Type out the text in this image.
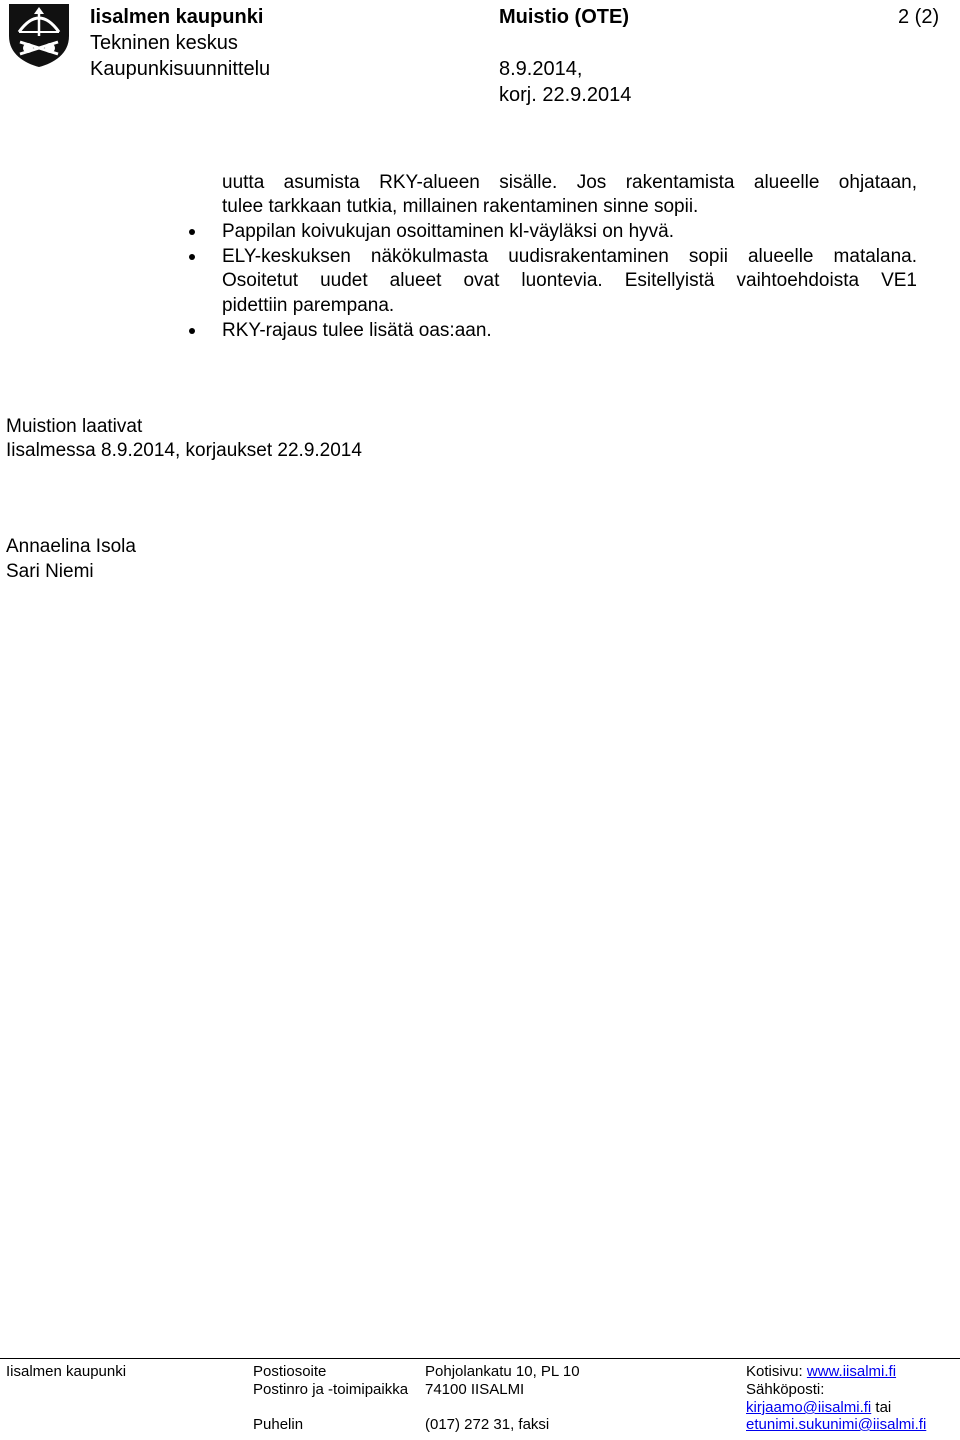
Iisalmen kaupunki
Tekninen keskus
Kaupunkisuunnittelu
Muistio (OTE)
8.9.2014,
korj. 22.9.2014
2 (2)
uutta asumista RKY-alueen sisälle. Jos rakentamista alueelle ohjataan,
tulee tarkkaan tutkia, millainen rakentaminen sinne sopii.
Pappilan koivukujan osoittaminen kl-väyläksi on hyvä.
ELY-keskuksen näkökulmasta uudisrakentaminen sopii alueelle matalana.
Osoitetut uudet alueet ovat luontevia. Esitellyistä vaihtoehdoista VE1
pidettiin parempana.
RKY-rajaus tulee lisätä oas:aan.
Muistion laativat
Iisalmessa 8.9.2014, korjaukset 22.9.2014
Annaelina Isola
Sari Niemi
Iisalmen kaupunki	Postiosoite
Postinro ja -toimipaikka
Puhelin
Pohjolankatu 10, PL 10
74100 IISALMI
(017) 272 31, faksi
Kotisivu: www.iisalmi.fi
Sähköposti:
kirjaamo@iisalmi.fi tai
etunimi.sukunimi@iisalmi.fi
